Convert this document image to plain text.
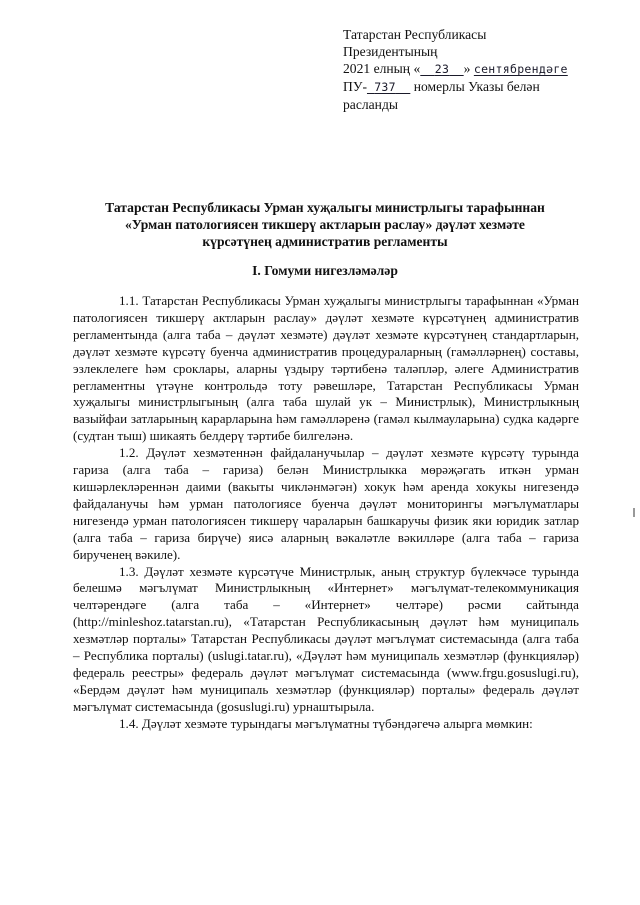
Татарстан Республикасы
Президентының
2021 елның « 23 » сентябрендәге
ПУ- 737 номерлы Указы белән
расланды
Татарстан Республикасы Урман хуҗалыгы министрлыгы тарафыннан
«Урман патологиясен тикшерү актларын раслау» дәүләт хезмәте
күрсәтүнең административ регламенты
I. Гомуми нигезләмәләр

1.1. Татарстан Республикасы Урман хуҗалыгы министрлыгы тарафыннан «Урман патологиясен тикшерү актларын раслау» дәүләт хезмәте күрсәтүнең административ регламентында (алга таба – дәүләт хезмәте) дәүләт хезмәте күрсәтүнең стандартларын, дәүләт хезмәте күрсәтү буенча административ процедураларның (гамәлләрнең) составы, эзлеклелеге һәм сроклары, аларны үздыру тәртибенә таләпләр, әлеге Административ регламентны үтәүне контрольдә тоту рәвешләре, Татарстан Республикасы Урман хуҗалыгы министрлыгының (алга таба шулай ук – Министрлык), Министрлыкның вазыйфаи затларының карарларына һәм гамәлләренә (гамәл кылмауларына) судка кадәрге (судтан тыш) шикаять белдерү тәртибе билгеләнә.

1.2. Дәүләт хезмәтеннән файдаланучылар – дәүләт хезмәте күрсәтү турында гариза (алга таба – гариза) белән Министрлыкка мөрәҗәгать иткән урман кишәрлекләреннән даими (вакыты чикләнмәгән) хокук һәм аренда хокукы нигезендә файдаланучы һәм урман патологиясе буенча дәүләт мониторингы мәгълүматлары нигезендә урман патологиясен тикшерү чараларын башкаручы физик яки юридик затлар (алга таба – гариза бирүче) яисә аларның вәкаләтле вәкилләре (алга таба – гариза бирученең вәкиле).

1.3. Дәүләт хезмәте күрсәтүче Министрлык, аның структур бүлекчәсе турында белешмә мәгълүмат Министрлыкның «Интернет» мәгълүмат-телекоммуникация челтәрендәге (алга таба – «Интернет» челтәре) рәсми сайтында (http://minleshoz.tatarstan.ru), «Татарстан Республикасының дәүләт һәм муниципаль хезмәтләр порталы» Татарстан Республикасы дәүләт мәгълүмат системасында (алга таба – Республика порталы) (uslugi.tatar.ru), «Дәүләт һәм муниципаль хезмәтләр (функцияләр) федераль реестры» федераль дәүләт мәгълүмат системасында (www.frgu.gosuslugi.ru), «Бердәм дәүләт һәм муниципаль хезмәтләр (функцияләр) порталы» федераль дәүләт мәгълүмат системасында (gosuslugi.ru) урнаштырыла.

1.4. Дәүләт хезмәте турындагы мәгълүматны түбәндәгечә алырга мөмкин:
